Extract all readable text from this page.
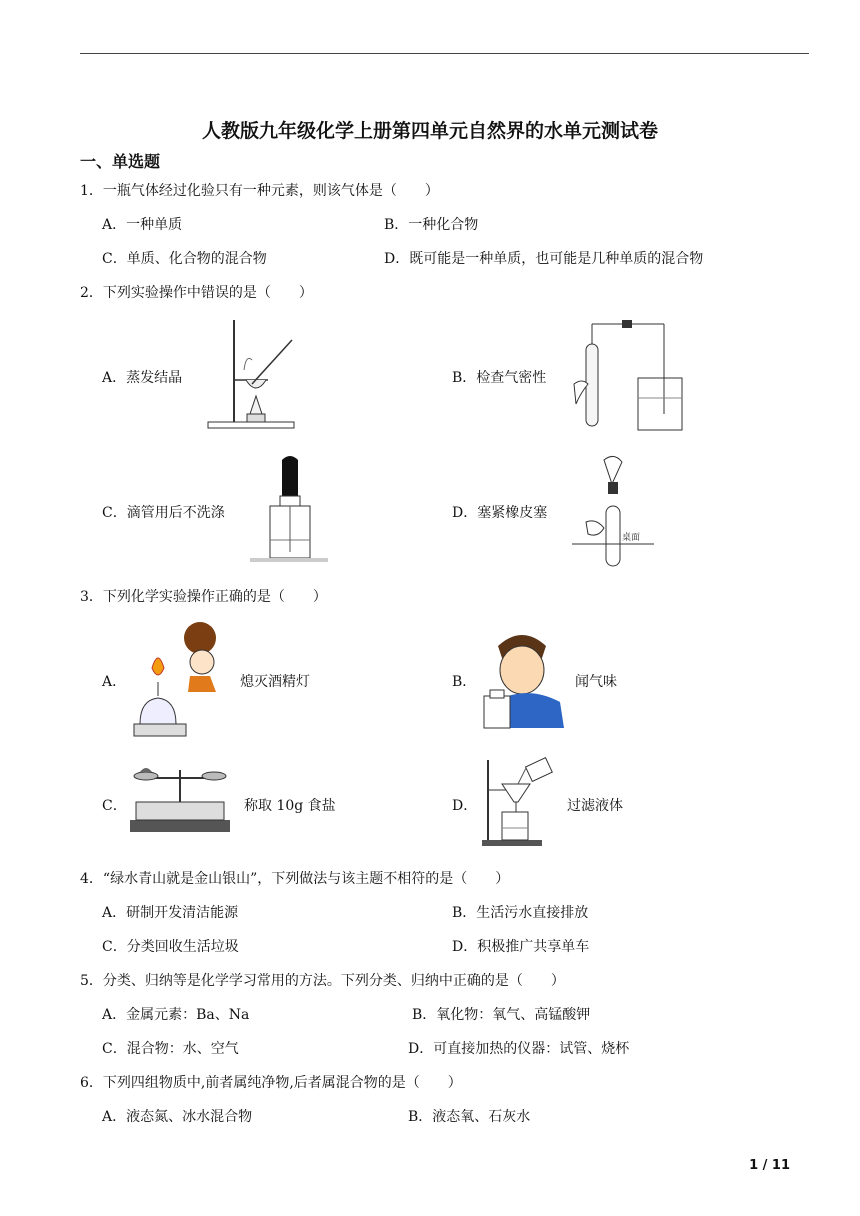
人教版九年级化学上册第四单元自然界的水单元测试卷
一、单选题
1．一瓶气体经过化验只有一种元素，则该气体是（　　）
A．一种单质	B．一种化合物
C．单质、化合物的混合物	D．既可能是一种单质，也可能是几种单质的混合物
2．下列实验操作中错误的是（　　）
A．蒸发结晶	B．检查气密性
C．滴管用后不洗涤	D．塞紧橡皮塞
桌面
3．下列化学实验操作正确的是（　　）
A．	熄灭酒精灯	B．	闻气味
C．	称取 10g 食盐	D．	过滤液体
4．“绿水青山就是金山银山”，下列做法与该主题不相符的是（　　）
A．研制开发清洁能源	B．生活污水直接排放
C．分类回收生活垃圾	D．积极推广共享单车
5．分类、归纳等是化学学习常用的方法。下列分类、归纳中正确的是（　　）
A．金属元素：Ba、Na	B．氧化物：氧气、高锰酸钾
C．混合物：水、空气	D．可直接加热的仪器：试管、烧杯
6．下列四组物质中,前者属纯净物,后者属混合物的是（　　）
A．液态氮、冰水混合物	B．液态氧、石灰水
1 / 11
